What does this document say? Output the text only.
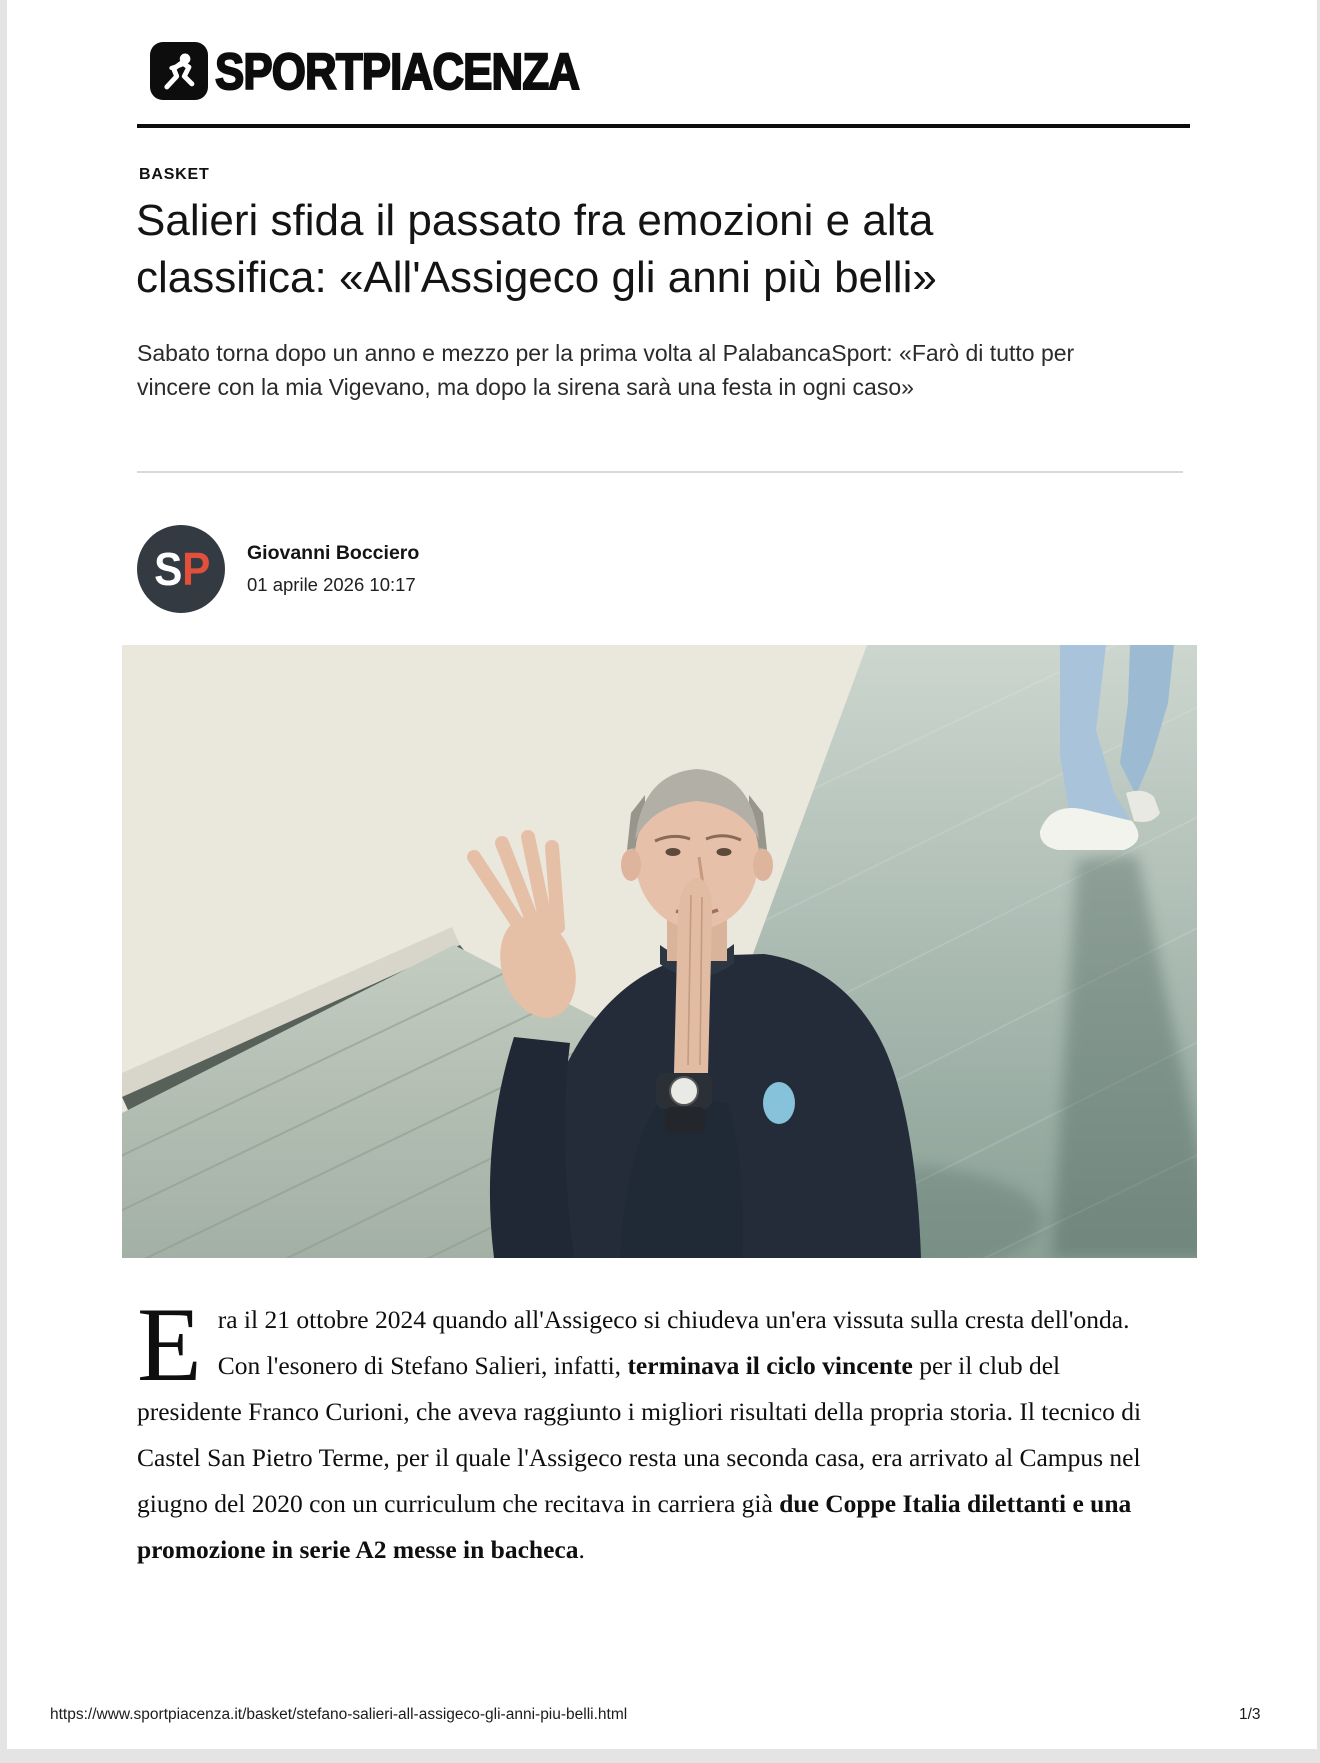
SPORTPIACENZA
BASKET
Salieri sfida il passato fra emozioni e alta classifica: «All'Assigeco gli anni più belli»

Sabato torna dopo un anno e mezzo per la prima volta al PalabancaSport: «Farò di tutto per vincere con la mia Vigevano, ma dopo la sirena sarà una festa in ogni caso»

S P Giovanni Bocciero
01 aprile 2026 10:17

Era il 21 ottobre 2024 quando all'Assigeco si chiudeva un'era vissuta sulla cresta dell'onda. Con l'esonero di Stefano Salieri, infatti, terminava il ciclo vincente per il club del presidente Franco Curioni, che aveva raggiunto i migliori risultati della propria storia. Il tecnico di Castel San Pietro Terme, per il quale l'Assigeco resta una seconda casa, era arrivato al Campus nel giugno del 2020 con un curriculum che recitava in carriera già due Coppe Italia dilettanti e una promozione in serie A2 messe in bacheca.

https://www.sportpiacenza.it/basket/stefano-salieri-all-assigeco-gli-anni-piu-belli.html	1/3
